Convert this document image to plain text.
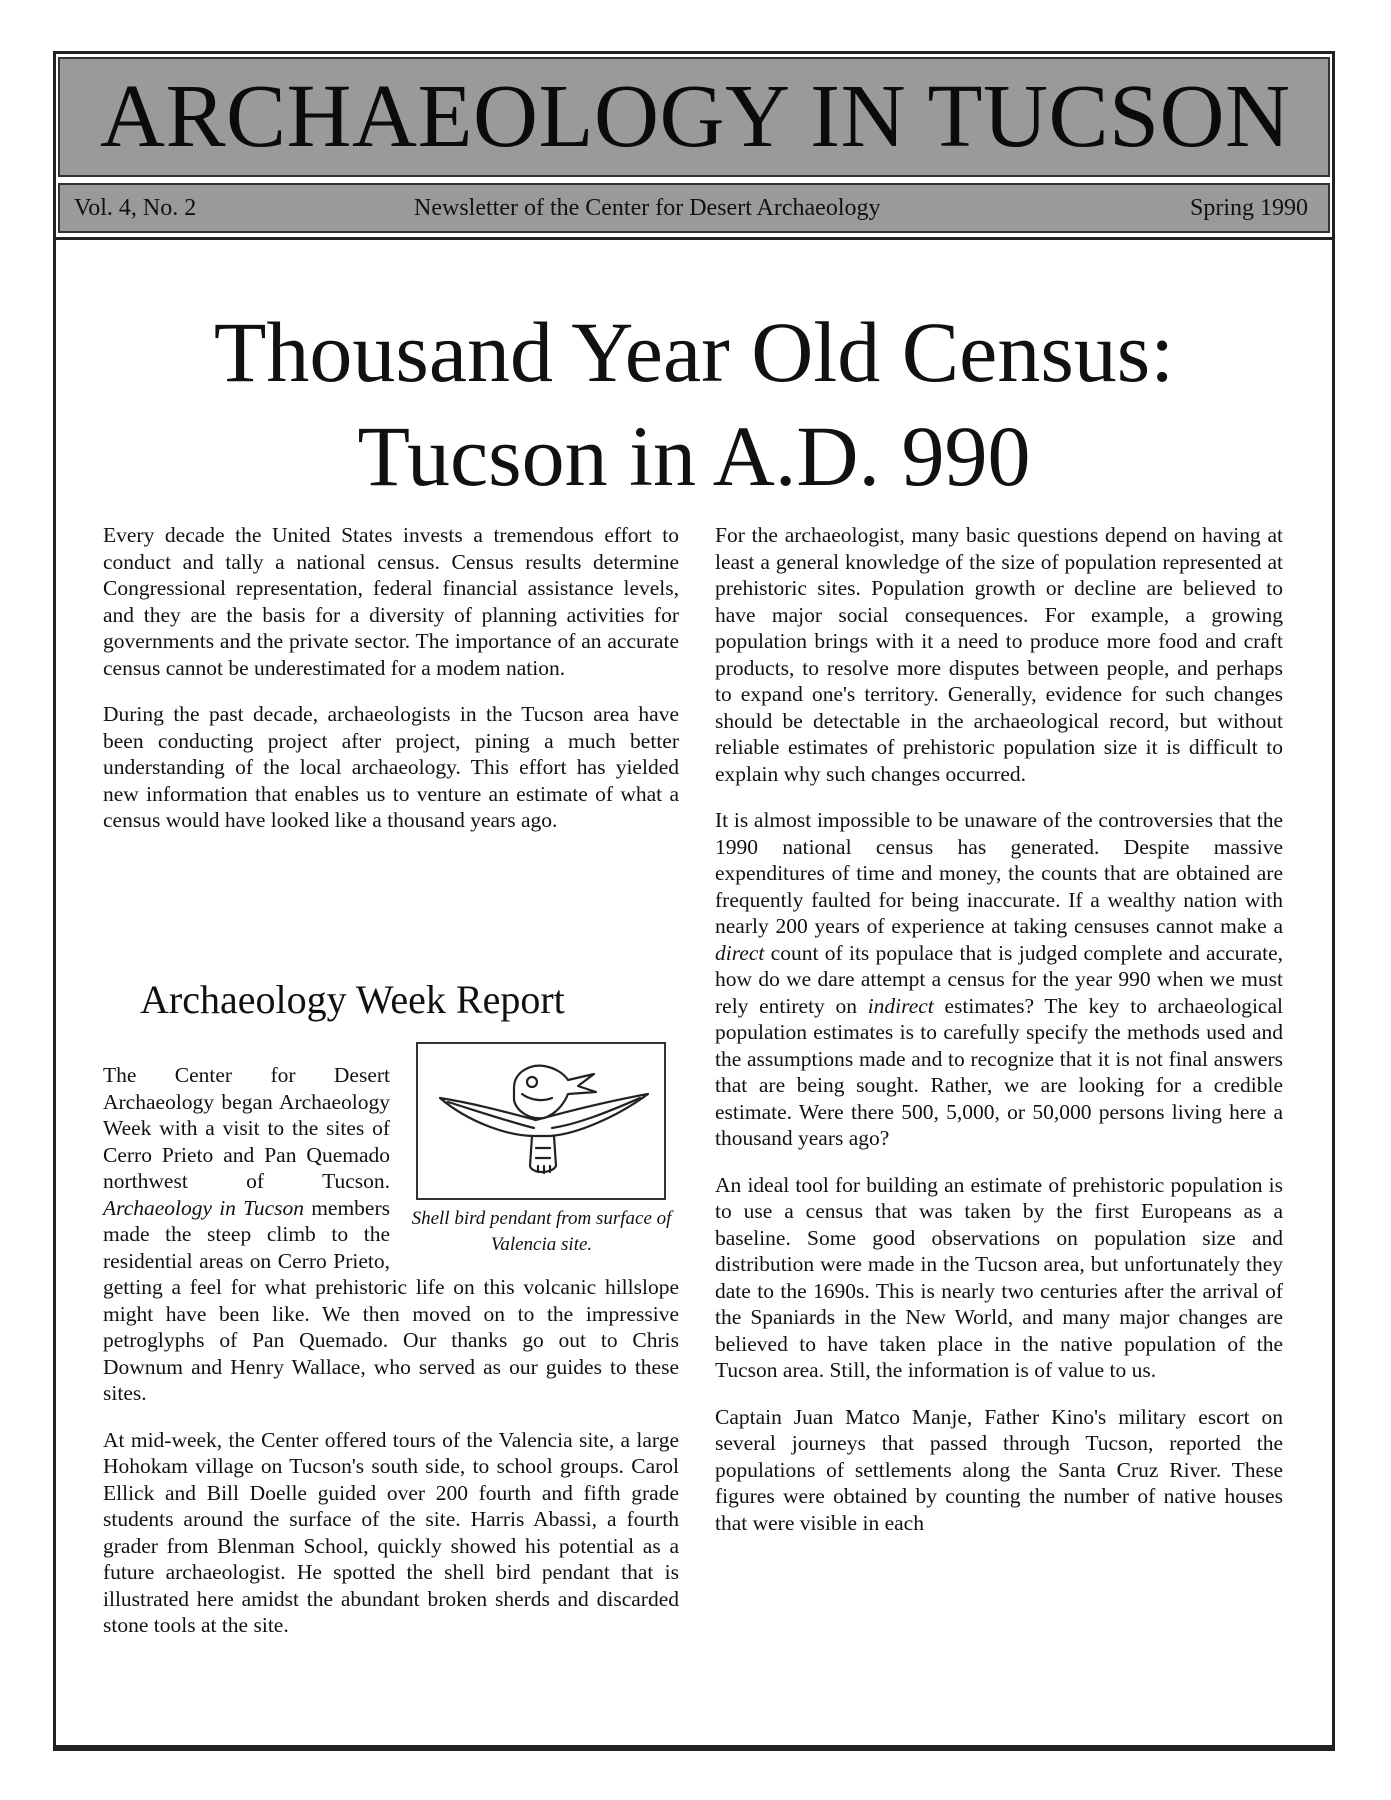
ARCHAEOLOGY IN TUCSON
Vol. 4, No. 2	Newsletter of the Center for Desert Archaeology	Spring 1990
Thousand Year Old Census:
Tucson in A.D. 990

Every decade the United States invests a tremendous effort to conduct and tally a national census. Census results determine Congressional representation, federal financial assistance levels, and they are the basis for a diversity of planning activities for governments and the private sector. The importance of an accurate census cannot be underestimated for a modem nation.

During the past decade, archaeologists in the Tucson area have been conducting project after project, pining a much better understanding of the local archaeology. This effort has yielded new information that enables us to venture an estimate of what a census would have looked like a thousand years ago.

Archaeology Week Report
Shell bird pendant from surface of Valencia site.

The Center for Desert Archaeology began Archaeology Week with a visit to the sites of Cerro Prieto and Pan Quemado northwest of Tucson. Archaeology in Tucson members made the steep climb to the residential areas on Cerro Prieto, getting a feel for what prehistoric life on this volcanic hillslope might have been like. We then moved on to the impressive petroglyphs of Pan Quemado. Our thanks go out to Chris Downum and Henry Wallace, who served as our guides to these sites.

At mid-week, the Center offered tours of the Valencia site, a large Hohokam village on Tucson's south side, to school groups. Carol Ellick and Bill Doelle guided over 200 fourth and fifth grade students around the surface of the site. Harris Abassi, a fourth grader from Blenman School, quickly showed his potential as a future archaeologist. He spotted the shell bird pendant that is illustrated here amidst the abundant broken sherds and discarded stone tools at the site.

For the archaeologist, many basic questions depend on having at least a general knowledge of the size of population represented at prehistoric sites. Population growth or decline are believed to have major social consequences. For example, a growing population brings with it a need to produce more food and craft products, to resolve more disputes between people, and perhaps to expand one's territory. Generally, evidence for such changes should be detectable in the archaeological record, but without reliable estimates of prehistoric population size it is difficult to explain why such changes occurred.

It is almost impossible to be unaware of the controversies that the 1990 national census has generated. Despite massive expenditures of time and money, the counts that are obtained are frequently faulted for being inaccurate. If a wealthy nation with nearly 200 years of experience at taking censuses cannot make a direct count of its populace that is judged complete and accurate, how do we dare attempt a census for the year 990 when we must rely entirety on indirect estimates? The key to archaeological population estimates is to carefully specify the methods used and the assumptions made and to recognize that it is not final answers that are being sought. Rather, we are looking for a credible estimate. Were there 500, 5,000, or 50,000 persons living here a thousand years ago?

An ideal tool for building an estimate of prehistoric population is to use a census that was taken by the first Europeans as a baseline. Some good observations on population size and distribution were made in the Tucson area, but unfortunately they date to the 1690s. This is nearly two centuries after the arrival of the Spaniards in the New World, and many major changes are believed to have taken place in the native population of the Tucson area. Still, the information is of value to us.

Captain Juan Matco Manje, Father Kino's military escort on several journeys that passed through Tucson, reported the populations of settlements along the Santa Cruz River. These figures were obtained by counting the number of native houses that were visible in each
